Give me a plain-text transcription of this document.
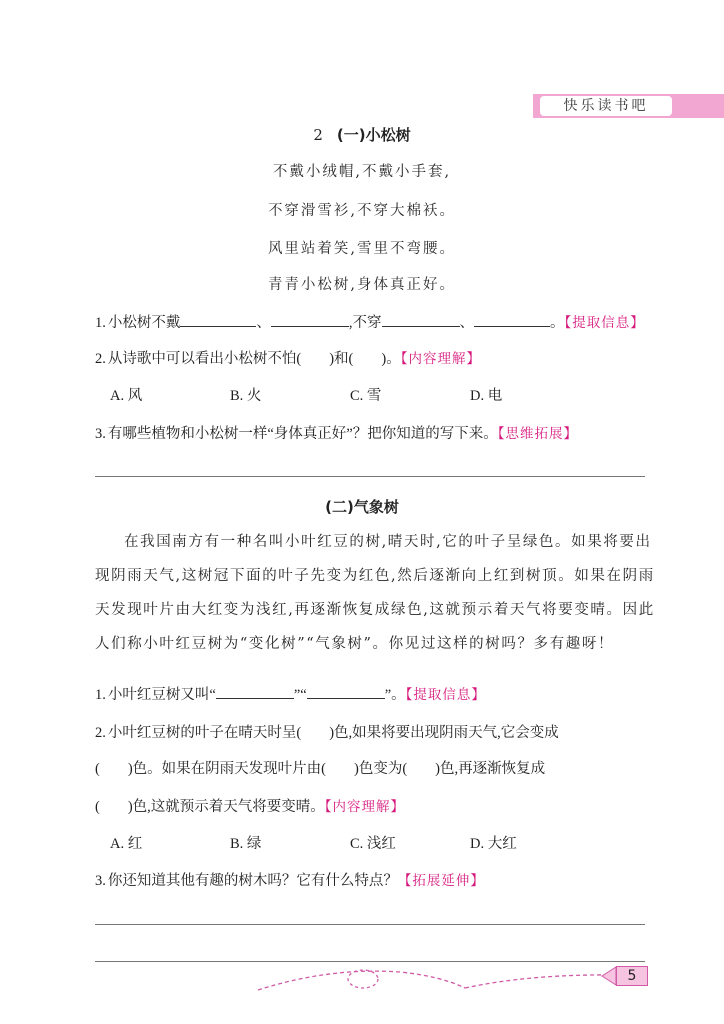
快乐读书吧
2 (一)小松树
不戴小绒帽,不戴小手套,
不穿滑雪衫,不穿大棉袄。
风里站着笑,雪里不弯腰。
青青小松树,身体真正好。
1. 小松树不戴	、	,不穿	、	。【提取信息】
2. 从诗歌中可以看出小松树不怕( )和( )。【内容理解】
A. 风	B. 火	C. 雪	D. 电
3. 有哪些植物和小松树一样“身体真正好”？把你知道的写下来。【思维拓展】
(二)气象树
在我国南方有一种名叫小叶红豆的树,晴天时,它的叶子呈绿色。如果将要出现阴雨天气,这树冠下面的叶子先变为红色,然后逐渐向上红到树顶。如果在阴雨天发现叶片由大红变为浅红,再逐渐恢复成绿色,这就预示着天气将要变晴。因此人们称小叶红豆树为“变化树”“气象树”。你见过这样的树吗？多有趣呀！
1. 小叶红豆树又叫“	”“	”。【提取信息】
2. 小叶红豆树的叶子在晴天时呈( )色,如果将要出现阴雨天气,它会变成
( )色。如果在阴雨天发现叶片由( )色变为( )色,再逐渐恢复成
( )色,这就预示着天气将要变晴。【内容理解】
A. 红	B. 绿	C. 浅红	D. 大红
3. 你还知道其他有趣的树木吗？它有什么特点？【拓展延伸】
5
